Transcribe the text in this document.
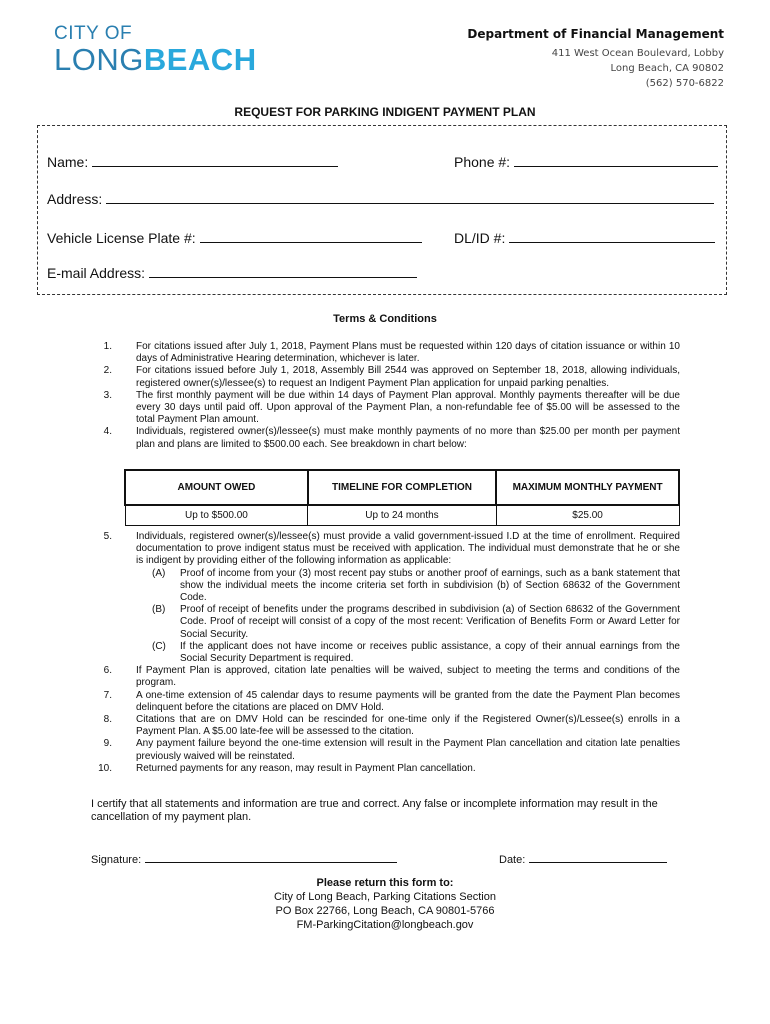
CITY OF
LONGBEACH
Department of Financial Management
411 West Ocean Boulevard, Lobby
Long Beach, CA 90802
(562) 570-6822
REQUEST FOR PARKING INDIGENT PAYMENT PLAN
Name:	Phone #:
Address:
Vehicle License Plate #:	DL/ID #:
E-mail Address:
Terms & Conditions
1. For citations issued after July 1, 2018, Payment Plans must be requested within 120 days of citation issuance or within 10 days of Administrative Hearing determination, whichever is later.
2. For citations issued before July 1, 2018, Assembly Bill 2544 was approved on September 18, 2018, allowing individuals, registered owner(s)/lessee(s) to request an Indigent Payment Plan application for unpaid parking penalties.
3. The first monthly payment will be due within 14 days of Payment Plan approval. Monthly payments thereafter will be due every 30 days until paid off. Upon approval of the Payment Plan, a non-refundable fee of $5.00 will be assessed to the total Payment Plan amount.
4. Individuals, registered owner(s)/lessee(s) must make monthly payments of no more than $25.00 per month per payment plan and plans are limited to $500.00 each. See breakdown in chart below:
AMOUNT OWED	TIMELINE FOR COMPLETION	MAXIMUM MONTHLY PAYMENT
Up to $500.00	Up to 24 months	$25.00
5. Individuals, registered owner(s)/lessee(s) must provide a valid government-issued I.D at the time of enrollment. Required documentation to prove indigent status must be received with application. The individual must demonstrate that he or she is indigent by providing either of the following information as applicable:
(A)	Proof of income from your (3) most recent pay stubs or another proof of earnings, such as a bank statement that show the individual meets the income criteria set forth in subdivision (b) of Section 68632 of the Government Code.
(B)	Proof of receipt of benefits under the programs described in subdivision (a) of Section 68632 of the Government Code. Proof of receipt will consist of a copy of the most recent: Verification of Benefits Form or Award Letter for Social Security.
(C)	If the applicant does not have income or receives public assistance, a copy of their annual earnings from the Social Security Department is required.
6. If Payment Plan is approved, citation late penalties will be waived, subject to meeting the terms and conditions of the program.
7. A one-time extension of 45 calendar days to resume payments will be granted from the date the Payment Plan becomes delinquent before the citations are placed on DMV Hold.
8. Citations that are on DMV Hold can be rescinded for one-time only if the Registered Owner(s)/Lessee(s) enrolls in a Payment Plan. A $5.00 late-fee will be assessed to the citation.
9. Any payment failure beyond the one-time extension will result in the Payment Plan cancellation and citation late penalties previously waived will be reinstated.
10. Returned payments for any reason, may result in Payment Plan cancellation.
I certify that all statements and information are true and correct. Any false or incomplete information may result in the cancellation of my payment plan.
Signature:	Date:
Please return this form to:
City of Long Beach, Parking Citations Section
PO Box 22766, Long Beach, CA 90801-5766
FM-ParkingCitation@longbeach.gov
